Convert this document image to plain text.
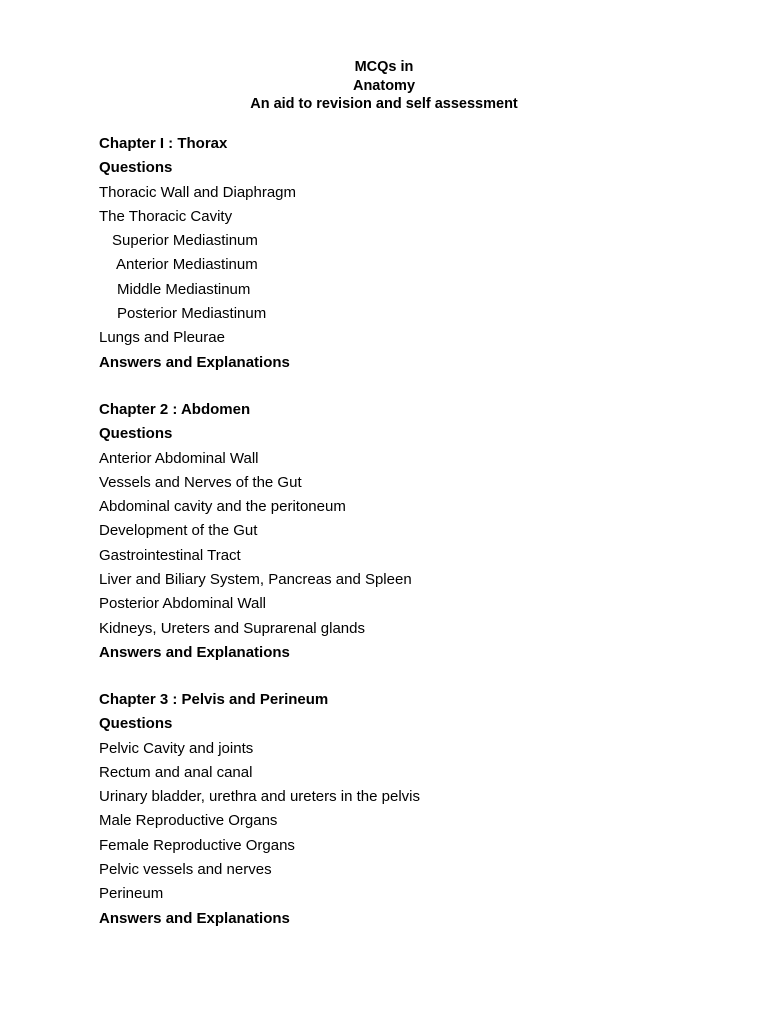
MCQs in
Anatomy
An aid to revision and self assessment
Chapter I : Thorax
Questions
Thoracic Wall and Diaphragm
The Thoracic Cavity
Superior Mediastinum
Anterior Mediastinum
Middle Mediastinum
Posterior Mediastinum
Lungs and Pleurae
Answers and Explanations
Chapter 2 : Abdomen
Questions
Anterior Abdominal Wall
Vessels and Nerves of the Gut
Abdominal cavity and the peritoneum
Development of the Gut
Gastrointestinal Tract
Liver and Biliary System, Pancreas and Spleen
Posterior Abdominal Wall
Kidneys, Ureters and Suprarenal glands
Answers and Explanations
Chapter 3 : Pelvis and Perineum
Questions
Pelvic Cavity and joints
Rectum and anal canal
Urinary bladder, urethra and ureters in the pelvis
Male Reproductive Organs
Female Reproductive Organs
Pelvic vessels and nerves
Perineum
Answers and Explanations
